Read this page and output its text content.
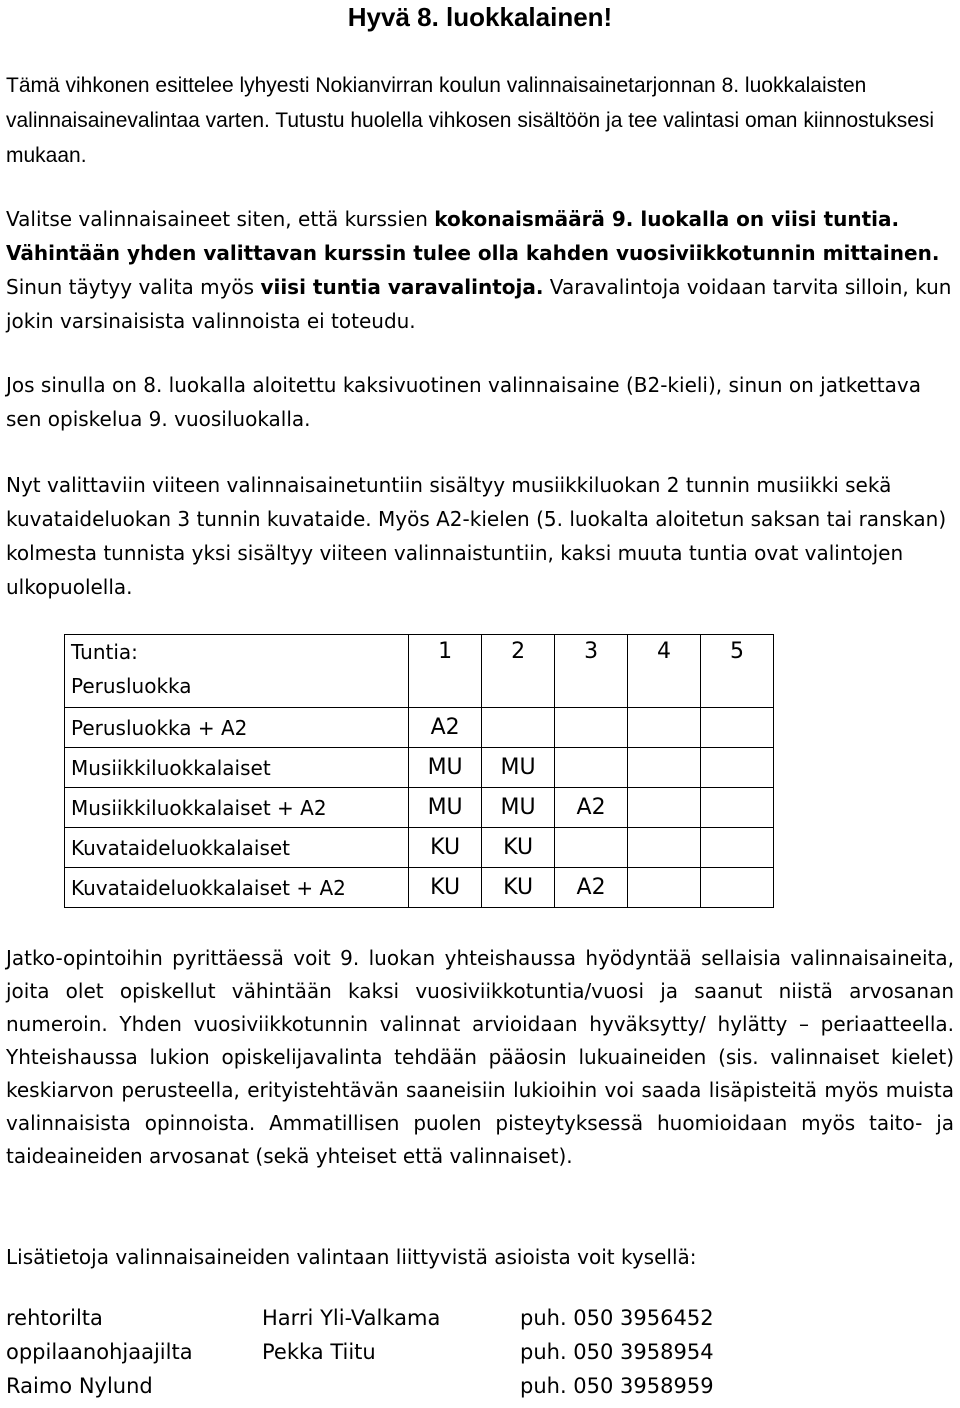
Hyvä 8. luokkalainen!

Tämä vihkonen esittelee lyhyesti Nokianvirran koulun valinnaisainetarjonnan 8. luokkalaisten valinnaisainevalintaa varten. Tutustu huolella vihkosen sisältöön ja tee valintasi oman kiinnostuksesi mukaan.

Valitse valinnaisaineet siten, että kurssien kokonaismäärä 9. luokalla on viisi tuntia. Vähintään yhden valittavan kurssin tulee olla kahden vuosiviikkotunnin mittainen. Sinun täytyy valita myös viisi tuntia varavalintoja. Varavalintoja voidaan tarvita silloin, kun jokin varsinaisista valinnoista ei toteudu.

Jos sinulla on 8. luokalla aloitettu kaksivuotinen valinnaisaine (B2-kieli), sinun on jatkettava sen opiskelua 9. vuosiluokalla.

Nyt valittaviin viiteen valinnaisainetuntiin sisältyy musiikkiluokan 2 tunnin musiikki sekä kuvataideluokan 3 tunnin kuvataide. Myös A2-kielen (5. luokalta aloitetun saksan tai ranskan) kolmesta tunnista yksi sisältyy viiteen valinnaistuntiin, kaksi muuta tuntia ovat valintojen ulkopuolella.

Tuntia:
Perusluokka	1	2	3	4	5

Perusluokka + A2	A2				
Musiikkiluokkalaiset	MU	MU			
Musiikkiluokkalaiset + A2	MU	MU	A2		
Kuvataideluokkalaiset	KU	KU			
Kuvataideluokkalaiset + A2	KU	KU	A2		

Jatko-opintoihin pyrittäessä voit 9. luokan yhteishaussa hyödyntää sellaisia valinnaisaineita, joita olet opiskellut vähintään kaksi vuosiviikkotuntia/vuosi ja saanut niistä arvosanan numeroin. Yhden vuosiviikkotunnin valinnat arvioidaan hyväksytty/ hylätty – periaatteella. Yhteishaussa lukion opiskelijavalinta tehdään pääosin lukuaineiden (sis. valinnaiset kielet) keskiarvon perusteella, erityistehtävän saaneisiin lukioihin voi saada lisäpisteitä myös muista valinnaisista opinnoista. Ammatillisen puolen pisteytyksessä huomioidaan myös taito- ja taideaineiden arvosanat (sekä yhteiset että valinnaiset).

Lisätietoja valinnaisaineiden valintaan liittyvistä asioista voit kysellä:

rehtorilta	Harri Yli-Valkama	puh. 050 3956452
oppilaanohjaajilta	Pekka Tiitu	puh. 050 3958954
Raimo Nylund	puh. 050 3958959
